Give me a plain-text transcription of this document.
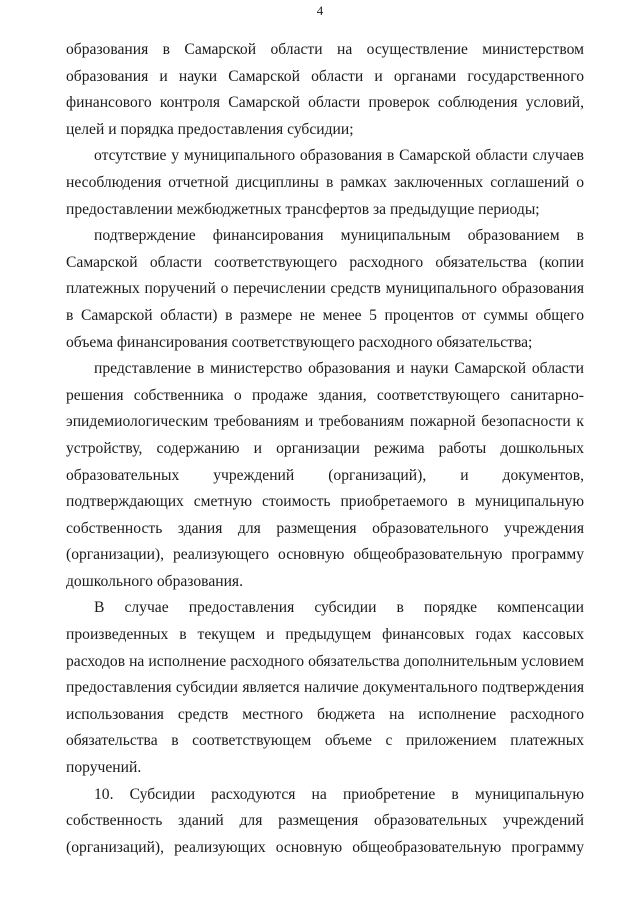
4

образования в Самарской области на осуществление министерством образования и науки Самарской области и органами государственного финансового контроля Самарской области проверок соблюдения условий, целей и порядка предоставления субсидии;

отсутствие у муниципального образования в Самарской области случаев несоблюдения отчетной дисциплины в рамках заключенных соглашений о предоставлении межбюджетных трансфертов за предыдущие периоды;

подтверждение финансирования муниципальным образованием в Самарской области соответствующего расходного обязательства (копии платежных поручений о перечислении средств муниципального образования в Самарской области) в размере не менее 5 процентов от суммы общего объема финансирования соответствующего расходного обязательства;

представление в министерство образования и науки Самарской области решения собственника о продаже здания, соответствующего санитарно-эпидемиологическим требованиям и требованиям пожарной безопасности к устройству, содержанию и организации режима работы дошкольных образовательных учреждений (организаций), и документов, подтверждающих сметную стоимость приобретаемого в муниципальную собственность здания для размещения образовательного учреждения (организации), реализующего основную общеобразовательную программу дошкольного образования.

В случае предоставления субсидии в порядке компенсации произведенных в текущем и предыдущем финансовых годах кассовых расходов на исполнение расходного обязательства дополнительным условием предоставления субсидии является наличие документального подтверждения использования средств местного бюджета на исполнение расходного обязательства в соответствующем объеме с приложением платежных поручений.

10. Субсидии расходуются на приобретение в муниципальную собственность зданий для размещения образовательных учреждений (организаций), реализующих основную общеобразовательную программу
